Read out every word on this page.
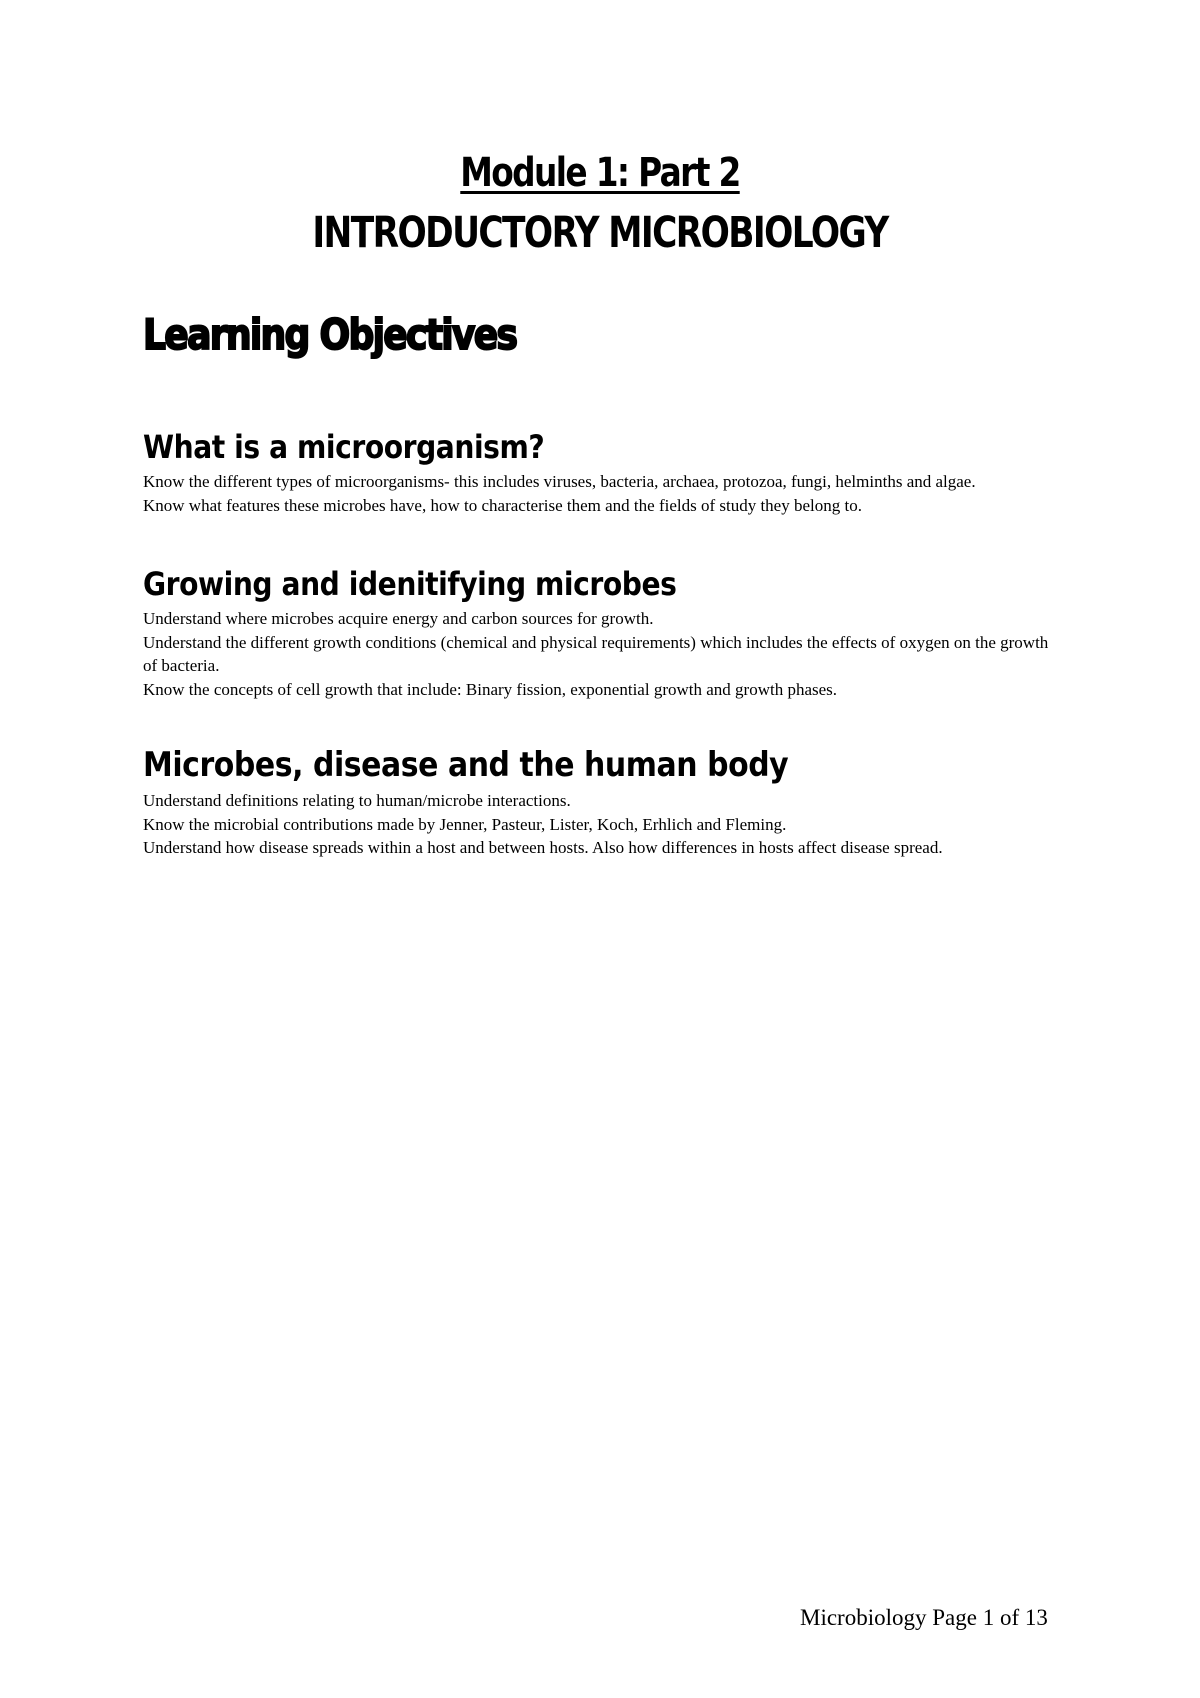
Module 1: Part 2
INTRODUCTORY MICROBIOLOGY
Learning Objectives
What is a microorganism?

Know the different types of microorganisms- this includes viruses, bacteria, archaea, protozoa, fungi, helminths and algae.

Know what features these microbes have, how to characterise them and the fields of study they belong to.

Growing and idenitifying microbes

Understand where microbes acquire energy and carbon sources for growth.

Understand the different growth conditions (chemical and physical requirements) which includes the effects of oxygen on the growth of bacteria.

Know the concepts of cell growth that include: Binary fission, exponential growth and growth phases.

Microbes, disease and the human body

Understand definitions relating to human/microbe interactions.

Know the microbial contributions made by Jenner, Pasteur, Lister, Koch, Erhlich and Fleming.

Understand how disease spreads within a host and between hosts. Also how differences in hosts affect disease spread.

Microbiology Page 1 of 13
